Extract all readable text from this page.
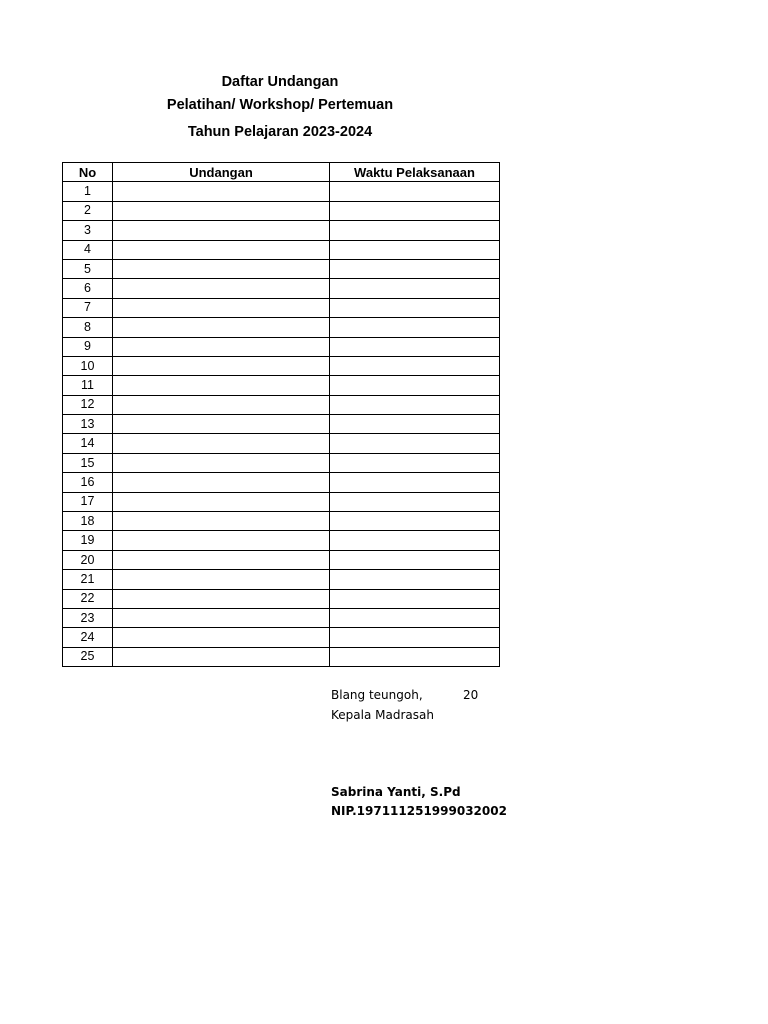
Daftar Undangan
Pelatihan/ Workshop/ Pertemuan
Tahun Pelajaran 2023-2024
No	Undangan	Waktu Pelaksanaan
1		
2		
3		
4		
5		
6		
7		
8		
9		
10		
11		
12		
13		
14		
15		
16		
17		
18		
19		
20		
21		
22		
23		
24		
25		
Blang teungoh,	20
Kepala Madrasah
Sabrina Yanti, S.Pd
NIP.197111251999032002
